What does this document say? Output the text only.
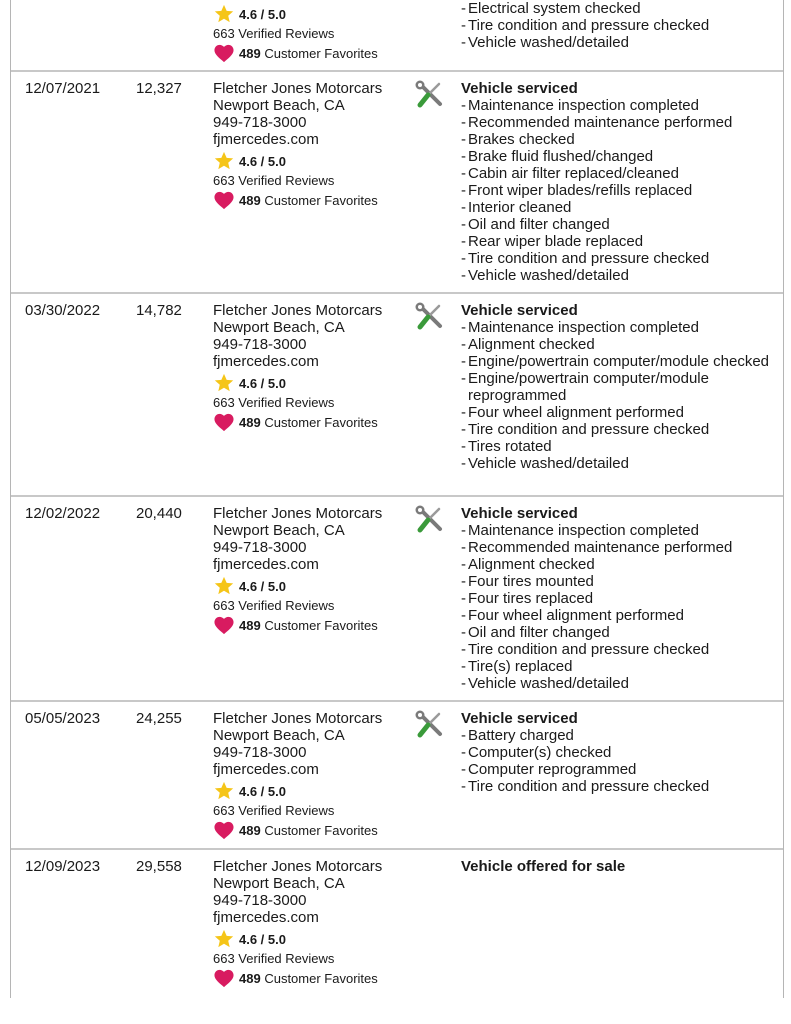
4.6 / 5.0
663 Verified Reviews
489
Customer Favorites
- Electrical system checked
- Tire condition and pressure checked
- Vehicle washed/detailed
12/07/2021 12,327 Fletcher Jones Motorcars
Newport Beach, CA
949-718-3000
fjmercedes.com
4.6 / 5.0
663 Verified Reviews
489
Customer Favorites
Vehicle serviced
- Maintenance inspection completed
- Recommended maintenance performed
- Brakes checked
- Brake fluid flushed/changed
- Cabin air filter replaced/cleaned
- Front wiper blades/refills replaced
- Interior cleaned
- Oil and filter changed
- Rear wiper blade replaced
- Tire condition and pressure checked
- Vehicle washed/detailed
03/30/2022 14,782 Fletcher Jones Motorcars
Newport Beach, CA
949-718-3000
fjmercedes.com
4.6 / 5.0
663 Verified Reviews
489
Customer Favorites
Vehicle serviced
- Maintenance inspection completed
- Alignment checked
- Engine/powertrain computer/module checked
- Engine/powertrain computer/module reprogrammed
- Four wheel alignment performed
- Tire condition and pressure checked
- Tires rotated
- Vehicle washed/detailed
12/02/2022 20,440 Fletcher Jones Motorcars
Newport Beach, CA
949-718-3000
fjmercedes.com
4.6 / 5.0
663 Verified Reviews
489
Customer Favorites
Vehicle serviced
- Maintenance inspection completed
- Recommended maintenance performed
- Alignment checked
- Four tires mounted
- Four tires replaced
- Four wheel alignment performed
- Oil and filter changed
- Tire condition and pressure checked
- Tire(s) replaced
- Vehicle washed/detailed
05/05/2023 24,255 Fletcher Jones Motorcars
Newport Beach, CA
949-718-3000
fjmercedes.com
4.6 / 5.0
663 Verified Reviews
489
Customer Favorites
Vehicle serviced
- Battery charged
- Computer(s) checked
- Computer reprogrammed
- Tire condition and pressure checked
12/09/2023 29,558 Fletcher Jones Motorcars
Newport Beach, CA
949-718-3000
fjmercedes.com
4.6 / 5.0
663 Verified Reviews
489
Customer Favorites
Vehicle offered for sale
